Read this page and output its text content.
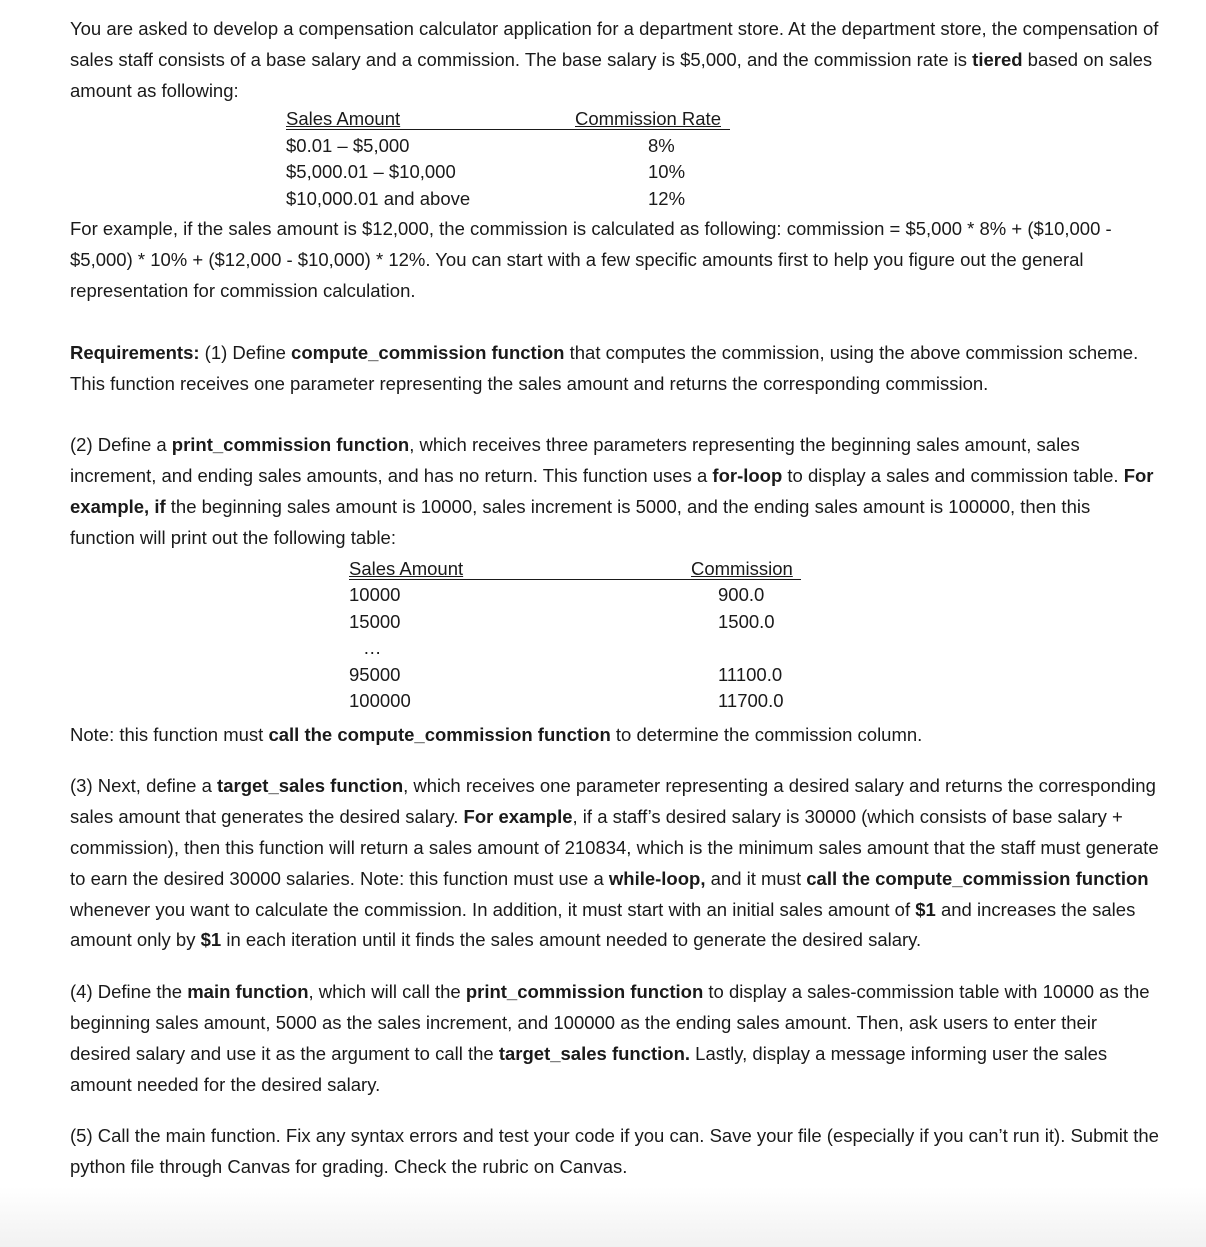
You are asked to develop a compensation calculator application for a department store. At the department store, the compensation of sales staff consists of a base salary and a commission. The base salary is $5,000, and the commission rate is tiered based on sales amount as following:

Sales Amount	Commission Rate
$0.01 – $5,000	8%
$5,000.01 – $10,000	10%
$10,000.01 and above	12%

For example, if the sales amount is $12,000, the commission is calculated as following: commission = $5,000 * 8% + ($10,000 - $5,000) * 10% + ($12,000 - $10,000) * 12%. You can start with a few specific amounts first to help you figure out the general representation for commission calculation.

Requirements: (1) Define compute_commission function that computes the commission, using the above commission scheme. This function receives one parameter representing the sales amount and returns the corresponding commission.

(2) Define a print_commission function, which receives three parameters representing the beginning sales amount, sales increment, and ending sales amounts, and has no return. This function uses a for-loop to display a sales and commission table. For example, if the beginning sales amount is 10000, sales increment is 5000, and the ending sales amount is 100000, then this function will print out the following table:

Sales Amount	Commission
10000	900.0
15000	1500.0
…
95000	11100.0
100000	11700.0

Note: this function must call the compute_commission function to determine the commission column.

(3) Next, define a target_sales function, which receives one parameter representing a desired salary and returns the corresponding sales amount that generates the desired salary. For example, if a staff’s desired salary is 30000 (which consists of base salary + commission), then this function will return a sales amount of 210834, which is the minimum sales amount that the staff must generate to earn the desired 30000 salaries. Note: this function must use a while-loop, and it must call the compute_commission function whenever you want to calculate the commission. In addition, it must start with an initial sales amount of $1 and increases the sales amount only by $1 in each iteration until it finds the sales amount needed to generate the desired salary.

(4) Define the main function, which will call the print_commission function to display a sales-commission table with 10000 as the beginning sales amount, 5000 as the sales increment, and 100000 as the ending sales amount. Then, ask users to enter their desired salary and use it as the argument to call the target_sales function. Lastly, display a message informing user the sales amount needed for the desired salary.

(5) Call the main function. Fix any syntax errors and test your code if you can. Save your file (especially if you can’t run it). Submit the python file through Canvas for grading. Check the rubric on Canvas.
